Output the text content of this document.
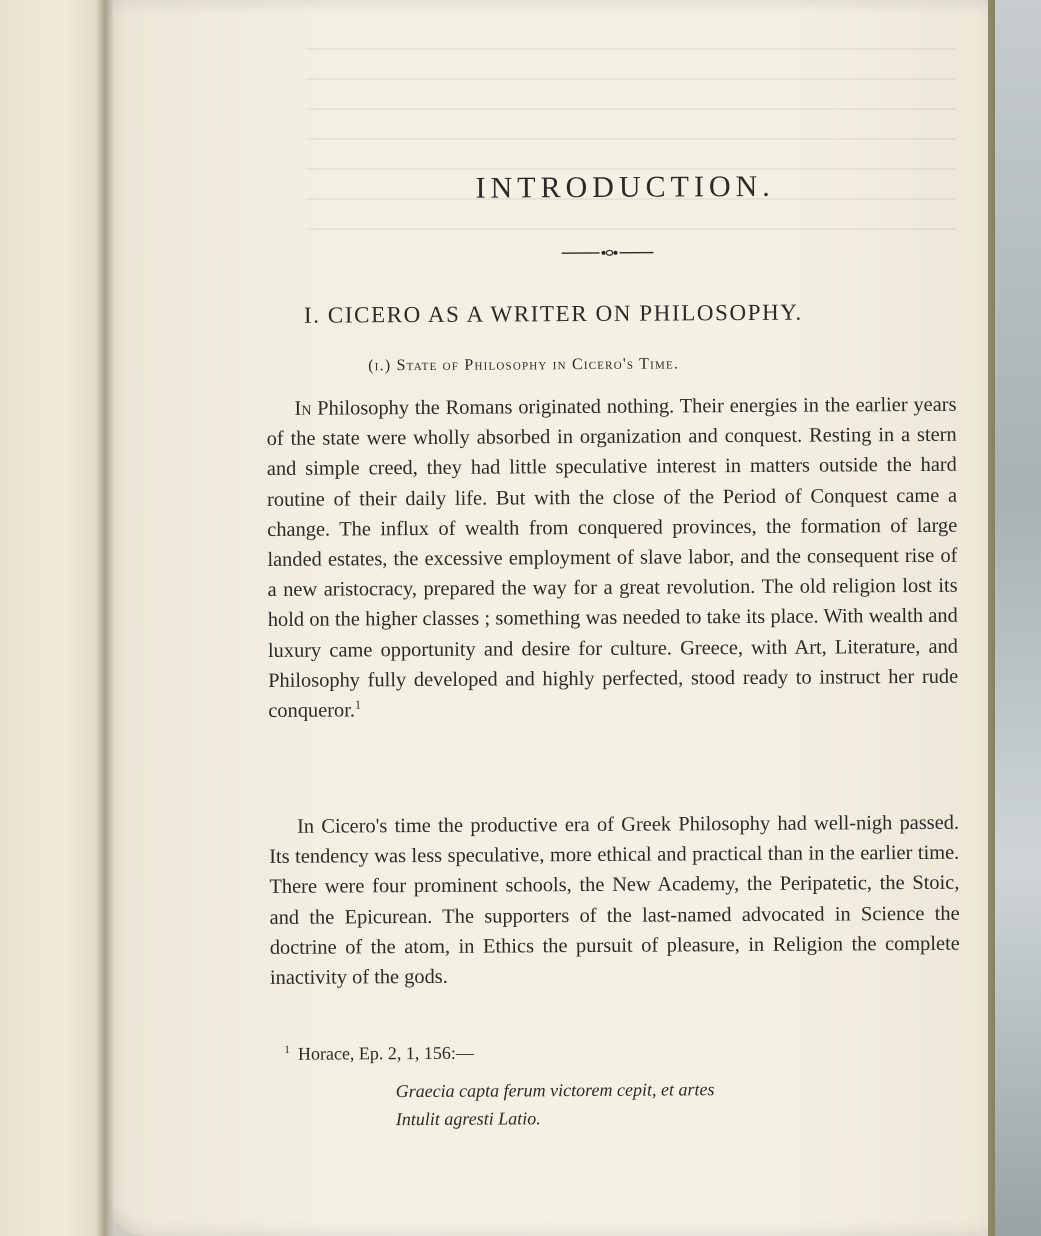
INTRODUCTION.
I. CICERO AS A WRITER ON PHILOSOPHY.
(i.) State of Philosophy in Cicero's Time.

In Philosophy the Romans originated nothing. Their energies in the earlier years of the state were wholly absorbed in organization and conquest. Resting in a stern and simple creed, they had little speculative interest in matters outside the hard routine of their daily life. But with the close of the Period of Conquest came a change. The influx of wealth from conquered provinces, the formation of large landed estates, the excessive employment of slave labor, and the consequent rise of a new aristocracy, prepared the way for a great revolution. The old religion lost its hold on the higher classes ; something was needed to take its place. With wealth and luxury came opportunity and desire for culture. Greece, with Art, Literature, and Philosophy fully developed and highly perfected, stood ready to instruct her rude conqueror.$^1$

In Cicero's time the productive era of Greek Philosophy had well-nigh passed. Its tendency was less speculative, more ethical and practical than in the earlier time. There were four prominent schools, the New Academy, the Peripatetic, the Stoic, and the Epicurean. The supporters of the last-named advocated in Science the doctrine of the atom, in Ethics the pursuit of pleasure, in Religion the complete inactivity of the gods.

$^1$ Horace, Ep. 2, 1, 156:—
Graecia capta ferum victorem cepit, et artes
Intulit agresti Latio.
